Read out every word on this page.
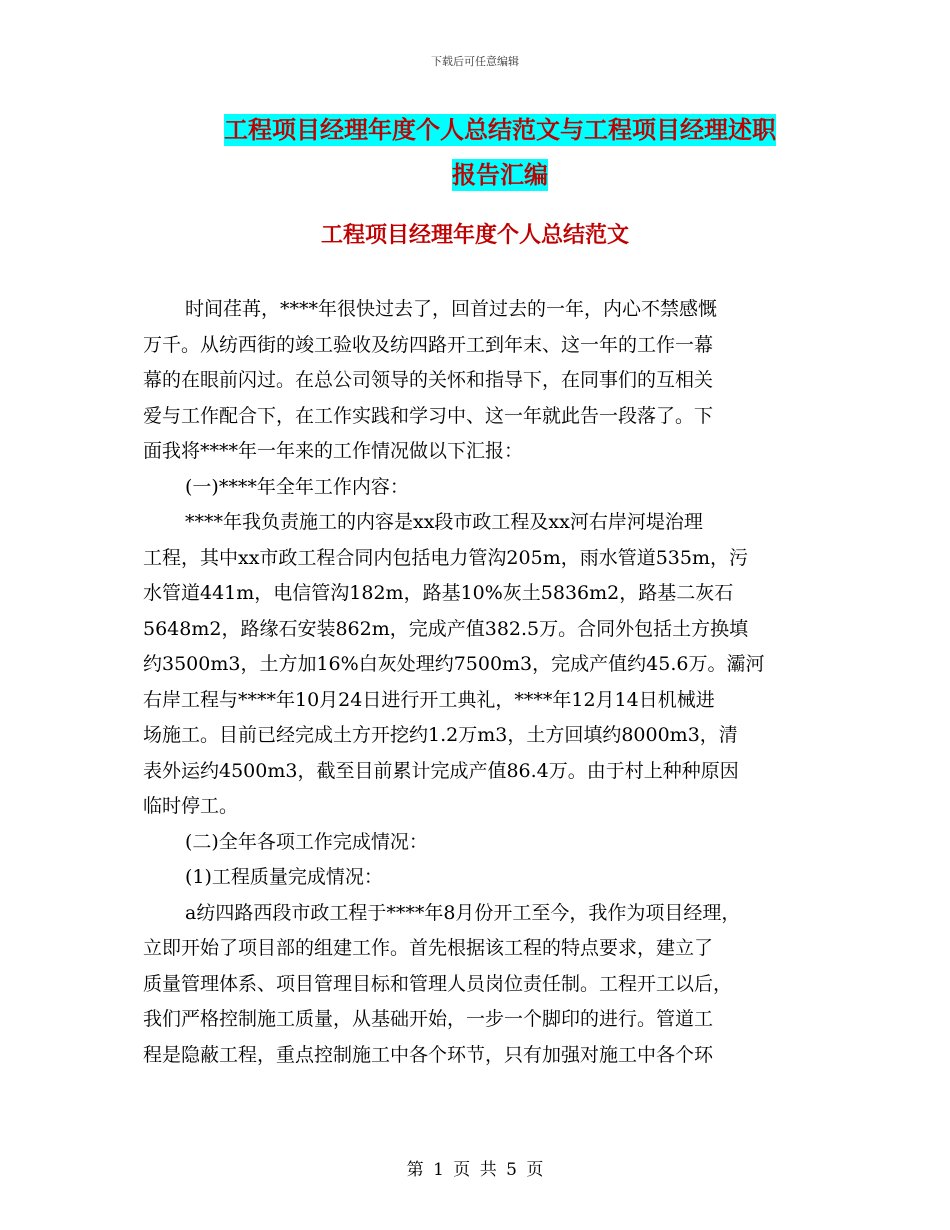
下载后可任意编辑
工程项目经理年度个人总结范文与工程项目经理述职
报告汇编
工程项目经理年度个人总结范文
时间荏苒，****年很快过去了，回首过去的一年，内心不禁感慨
万千。从纺西街的竣工验收及纺四路开工到年末、这一年的工作一幕
幕的在眼前闪过。在总公司领导的关怀和指导下，在同事们的互相关
爱与工作配合下，在工作实践和学习中、这一年就此告一段落了。下
面我将****年一年来的工作情况做以下汇报：
(一)****年全年工作内容：
****年我负责施工的内容是xx段市政工程及xx河右岸河堤治理
工程，其中xx市政工程合同内包括电力管沟205m，雨水管道535m，污
水管道441m，电信管沟182m，路基10%灰土5836m2，路基二灰石
5648m2，路缘石安装862m，完成产值382.5万。合同外包括土方换填
约3500m3，土方加16%白灰处理约7500m3，完成产值约45.6万。灞河
右岸工程与****年10月24日进行开工典礼，****年12月14日机械进
场施工。目前已经完成土方开挖约1.2万m3，土方回填约8000m3，清
表外运约4500m3，截至目前累计完成产值86.4万。由于村上种种原因
临时停工。
(二)全年各项工作完成情况：
(1)工程质量完成情况：
a纺四路西段市政工程于****年8月份开工至今，我作为项目经理，
立即开始了项目部的组建工作。首先根据该工程的特点要求，建立了
质量管理体系、项目管理目标和管理人员岗位责任制。工程开工以后，
我们严格控制施工质量，从基础开始，一步一个脚印的进行。管道工
程是隐蔽工程，重点控制施工中各个环节，只有加强对施工中各个环
第 1 页 共 5 页
